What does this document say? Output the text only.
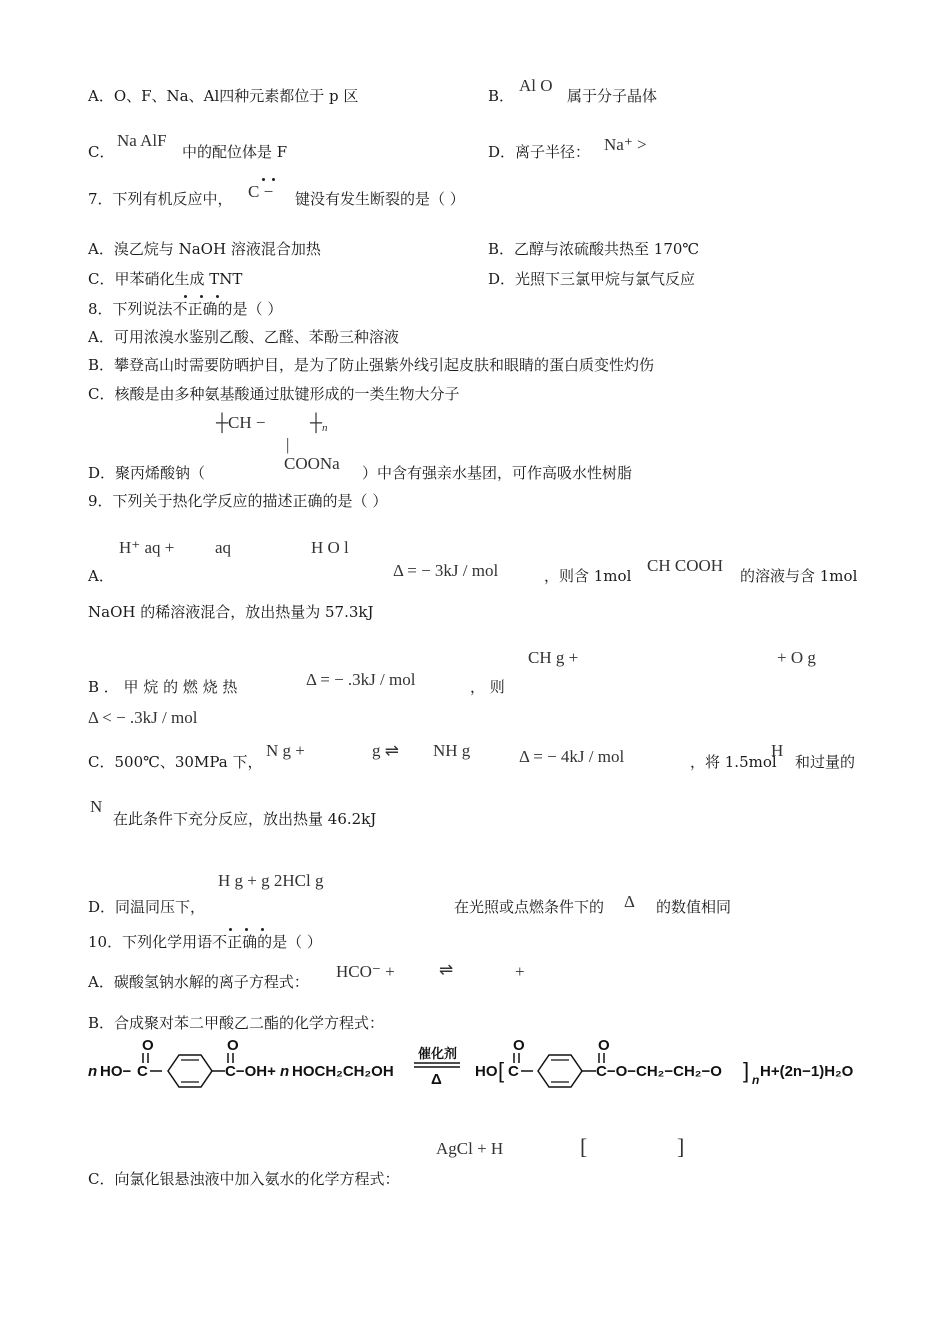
A．O、F、Na、Al四种元素都位于 p 区	B．
Al O
属于分子晶体
C．
Na AlF
中的配位体是 F	D．离子半径： Na⁺ >
7．下列有机反应中， C − 键没有发生断裂的是（ ）
A．溴乙烷与 NaOH 溶液混合加热	B．乙醇与浓硫酸共热至 170℃
C．甲苯硝化生成 TNT	D．光照下三氯甲烷与氯气反应
8．下列说法不正确的是（ ）
A．可用浓溴水鉴别乙酸、乙醛、苯酚三种溶液
B．攀登高山时需要防晒护目，是为了防止强紫外线引起皮肤和眼睛的蛋白质变性灼伤
C．核酸是由多种氨基酸通过肽键形成的一类生物大分子
┼ CH −	┼ n
|
COONa
D．聚丙烯酸钠（	）中含有强亲水基团，可作高吸水性树脂
9．下列关于热化学反应的描述正确的是（ ）
H⁺ aq + aq	H O l
A．	Δ = − 3kJ / mol	，则含 1mol
CH COOH
的溶液与含 1mol
NaOH 的稀溶液混合，放出热量为 57.3kJ
CH g +	+ O g
B ． 甲 烷 的 燃 烧 热	Δ = − .3kJ / mol	， 则
Δ < − .3kJ / mol
C．500℃、30MPa 下，
N g +	g ⇌ NH g	Δ = − 4kJ / mol	，将 1.5mol
H
和过量的
N
在此条件下充分反应，放出热量 46.2kJ
H g + g 2HCl g
D．同温同压下，	在光照或点燃条件下的 Δ 的数值相同
10．下列化学用语不正确的是（ ）
A．碳酸氢钠水解的离子方程式：
HCO⁻ +	⇌	+
B．合成聚对苯二甲酸乙二酯的化学方程式：
n HO− C
O	O
C−OH+ n HOCH₂CH₂OH
催化剂
Δ HO [ C
O	O
C−O−CH₂−CH₂−O ] n H+(2n−1)H₂O
AgCl + H	[	]
C．向氯化银悬浊液中加入氨水的化学方程式：
